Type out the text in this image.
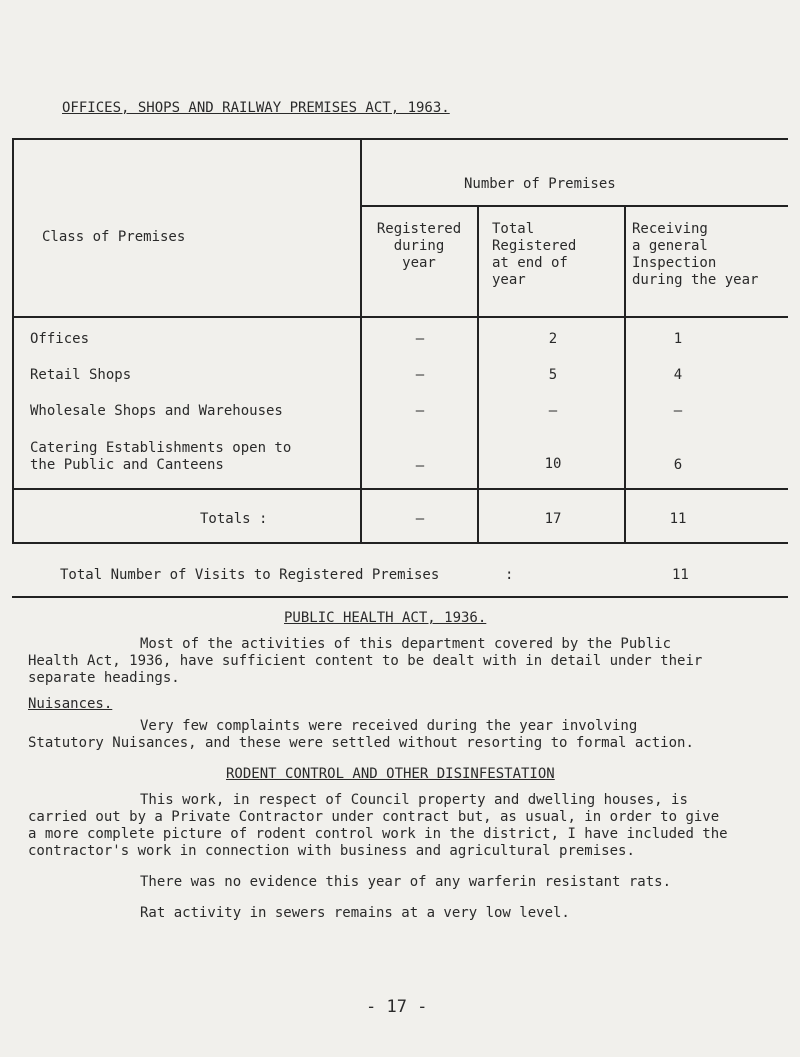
OFFICES, SHOPS AND RAILWAY PREMISES ACT, 1963.
Class of Premises
Number of Premises
Registered
during
year
Total
Registered
at end of
year
Receiving
a general
Inspection
during the year
Offices	–	2	1
Retail Shops	–	5	4
Wholesale Shops and Warehouses	–	–	–
Catering Establishments open to
the Public and Canteens	–	10	6
Totals :	–	17	11
Total Number of Visits to Registered Premises	:	11
PUBLIC HEALTH ACT, 1936.
Most of the activities of this department covered by the Public
Health Act, 1936, have sufficient content to be dealt with in detail under their
separate headings.
Nuisances.
Very few complaints were received during the year involving
Statutory Nuisances, and these were settled without resorting to formal action.
RODENT CONTROL AND OTHER DISINFESTATION
This work, in respect of Council property and dwelling houses, is
carried out by a Private Contractor under contract but, as usual, in order to give
a more complete picture of rodent control work in the district, I have included the
contractor's work in connection with business and agricultural premises.
There was no evidence this year of any warferin resistant rats.
Rat activity in sewers remains at a very low level.
- 17 -
